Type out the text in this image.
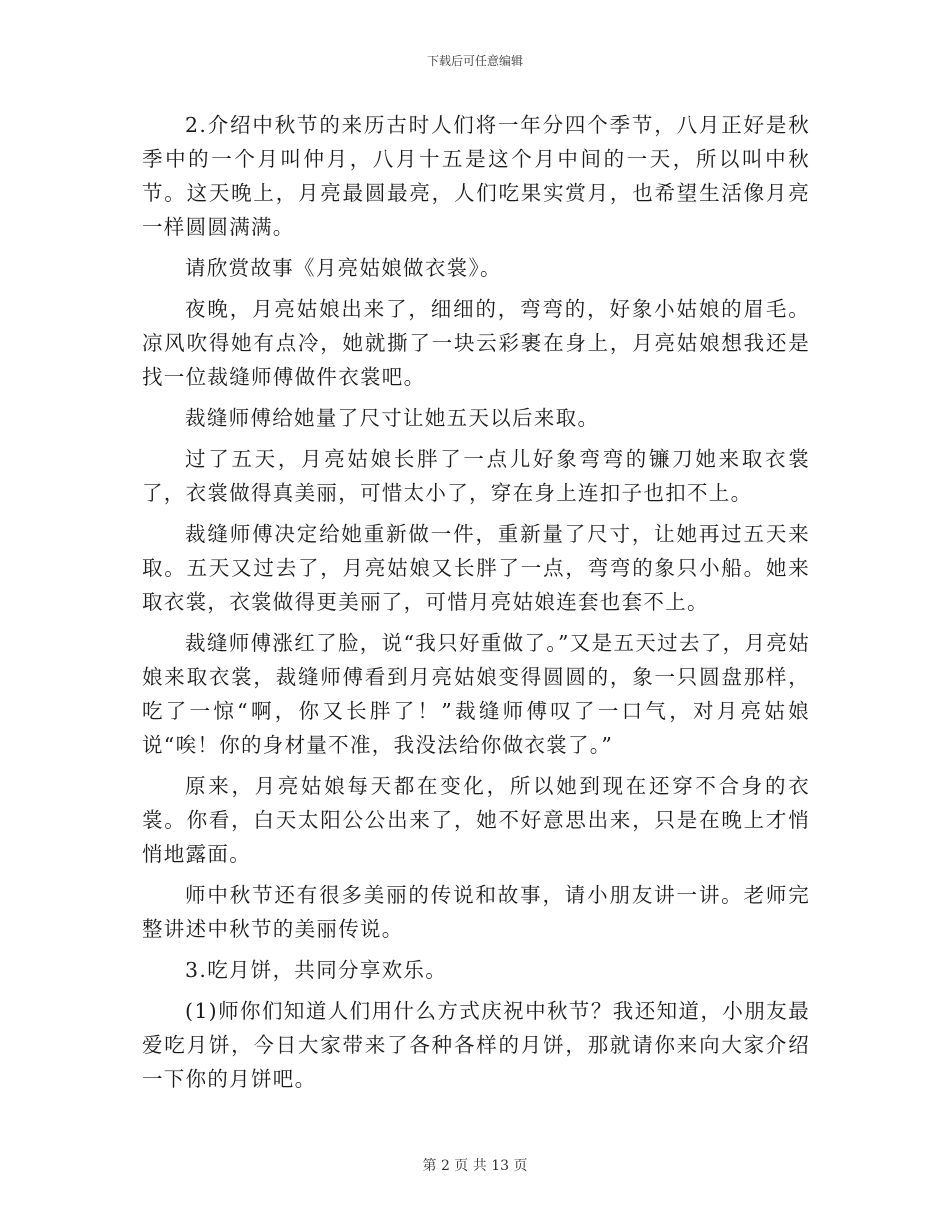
下载后可任意编辑

2.介绍中秋节的来历古时人们将一年分四个季节，八月正好是秋季中的一个月叫仲月，八月十五是这个月中间的一天，所以叫中秋节。这天晚上，月亮最圆最亮，人们吃果实赏月，也希望生活像月亮一样圆圆满满。

请欣赏故事《月亮姑娘做衣裳》。

夜晚，月亮姑娘出来了，细细的，弯弯的，好象小姑娘的眉毛。凉风吹得她有点冷，她就撕了一块云彩裹在身上，月亮姑娘想我还是找一位裁缝师傅做件衣裳吧。

裁缝师傅给她量了尺寸让她五天以后来取。

过了五天，月亮姑娘长胖了一点儿好象弯弯的镰刀她来取衣裳了，衣裳做得真美丽，可惜太小了，穿在身上连扣子也扣不上。

裁缝师傅决定给她重新做一件，重新量了尺寸，让她再过五天来取。五天又过去了，月亮姑娘又长胖了一点，弯弯的象只小船。她来取衣裳，衣裳做得更美丽了，可惜月亮姑娘连套也套不上。

裁缝师傅涨红了脸，说“我只好重做了。”又是五天过去了，月亮姑娘来取衣裳，裁缝师傅看到月亮姑娘变得圆圆的，象一只圆盘那样，吃了一惊“啊，你又长胖了！”裁缝师傅叹了一口气，对月亮姑娘说“唉！你的身材量不准，我没法给你做衣裳了。”

原来，月亮姑娘每天都在变化，所以她到现在还穿不合身的衣裳。你看，白天太阳公公出来了，她不好意思出来，只是在晚上才悄悄地露面。

师中秋节还有很多美丽的传说和故事，请小朋友讲一讲。老师完整讲述中秋节的美丽传说。

3.吃月饼，共同分享欢乐。

(1)师你们知道人们用什么方式庆祝中秋节？我还知道，小朋友最爱吃月饼，今日大家带来了各种各样的月饼，那就请你来向大家介绍一下你的月饼吧。

第 2 页 共 13 页
